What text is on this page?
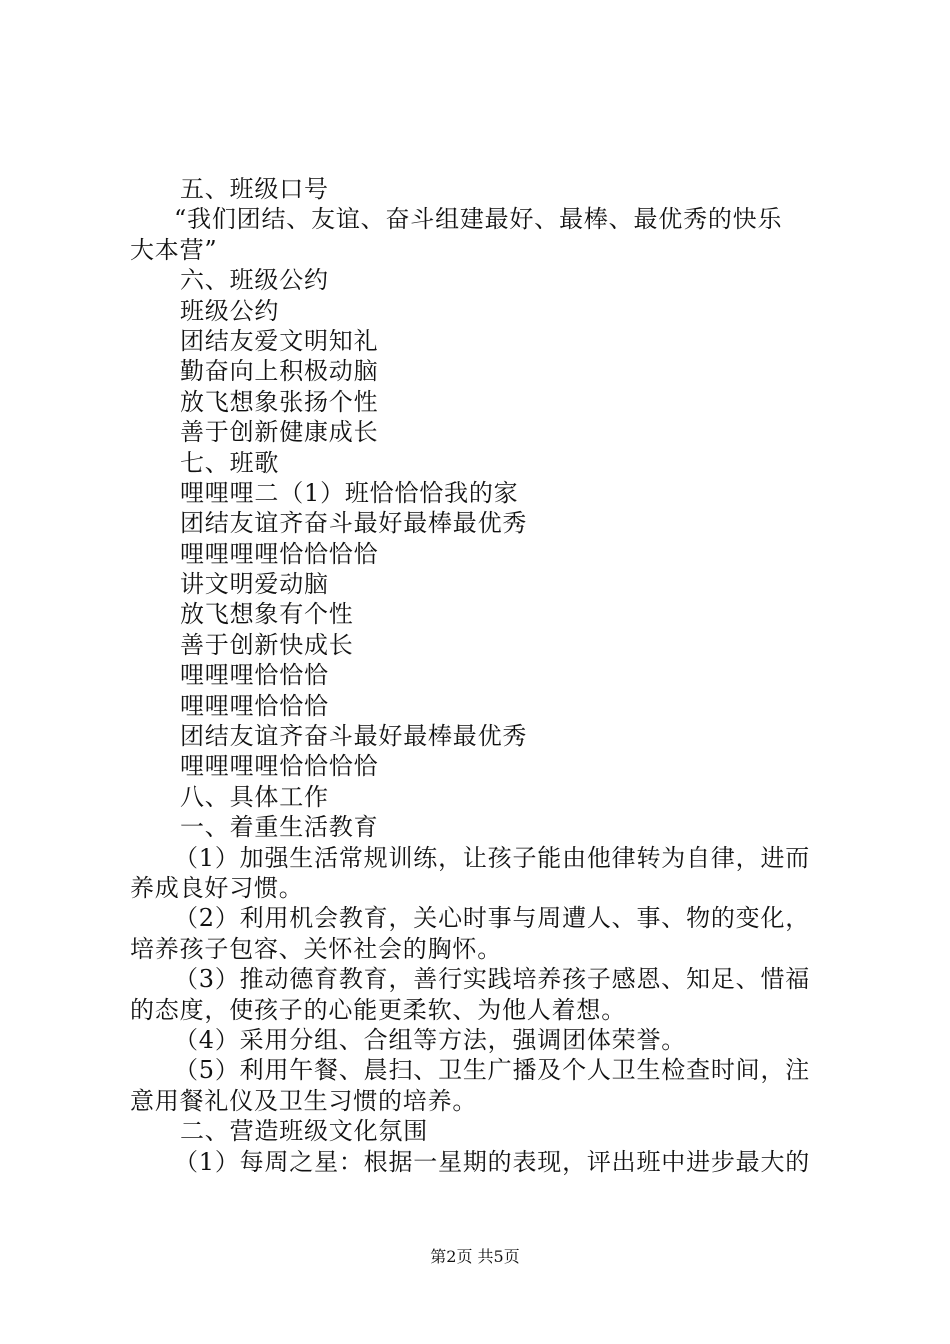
五、班级口号
“我们团结、友谊、奋斗组建最好、最棒、最优秀的快乐
大本营”
六、班级公约
班级公约
团结友爱文明知礼
勤奋向上积极动脑
放飞想象张扬个性
善于创新健康成长
七、班歌
哩哩哩二（1）班恰恰恰我的家
团结友谊齐奋斗最好最棒最优秀
哩哩哩哩恰恰恰恰
讲文明爱动脑
放飞想象有个性
善于创新快成长
哩哩哩恰恰恰
哩哩哩恰恰恰
团结友谊齐奋斗最好最棒最优秀
哩哩哩哩恰恰恰恰
八、具体工作
一、着重生活教育
（1）加强生活常规训练，让孩子能由他律转为自律，进而
养成良好习惯。
（2）利用机会教育，关心时事与周遭人、事、物的变化，
培养孩子包容、关怀社会的胸怀。
（3）推动德育教育，善行实践培养孩子感恩、知足、惜福
的态度，使孩子的心能更柔软、为他人着想。
（4）采用分组、合组等方法，强调团体荣誉。
（5）利用午餐、晨扫、卫生广播及个人卫生检查时间，注
意用餐礼仪及卫生习惯的培养。
二、营造班级文化氛围
（1）每周之星：根据一星期的表现，评出班中进步最大的
第2页 共5页
